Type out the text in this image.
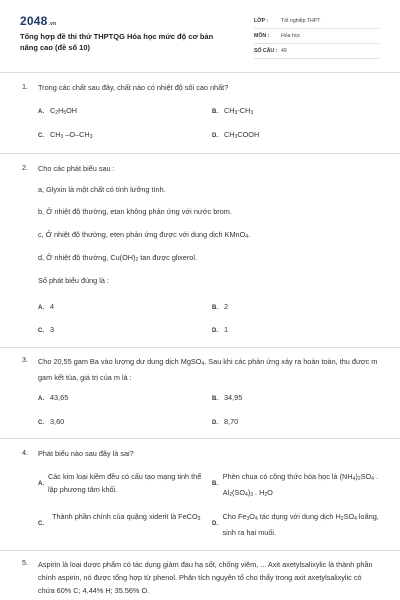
2048.vn
Tổng hợp đề thi thử THPTQG Hóa học mức độ cơ bản nâng cao (đề số 10)
LỚP :	Tốt nghiệp THPT
MÔN :	Hóa học
SỐ CÂU : 49
1. Trong các chất sau đây, chất nào có nhiệt độ sôi cao nhất?
A. $C_2H_5OH$	B. $CH_3-CH_3$
C. $CH_3$ $-O-CH_3$	D. $CH_3COOH$
2. Cho các phát biểu sau :
a, Glyxin là một chất có tính lưỡng tính.
b, Ở nhiệt độ thường, etan không phản ứng với nước brom.
c, Ở nhiệt độ thường, eten phản ứng được với dung dịch KMnO$_4$.
d, Ở nhiệt độ thường, $Cu(OH)_2$ tan được glixerol.
Số phát biểu đúng là :
A. 4	B. 2
C. 3	D. 1
3. Cho 20,55 gam Ba vào lượng dư dung dịch MgSO$_4$. Sau khi các phản ứng xảy ra hoàn toàn, thu được m gam kết tủa, giá trị của m là :
A. 43,65	B. 34,95
C. 3,60	D. 8,70
4. Phát biểu nào sau đây là sai?
A.
Các kim loại kiềm đều có cấu tạo mạng tinh thể lập phương tâm khối.
B.
Phèn chua có công thức hóa học là $(NH_4)_2SO_4$ . $Al_2(SO_4)_3$ . $H_2O$
C.
Thành phần chính của quặng xiderit là FeCO$_3$
D.
Cho $Fe_3O_4$ tác dụng với dung dịch $H_2SO_4$ loãng, sinh ra hai muối.
5. Aspirin là loại dược phẩm có tác dụng giảm đau hạ sốt, chống viêm, ... Axit axetylsalixylic là thành phần chính aspirin, nó được tổng hợp từ phenol. Phân tích nguyên tố cho thấy trong axit axetylsalixylic có chứa 60% C; 4,44% H; 35.56% O.
